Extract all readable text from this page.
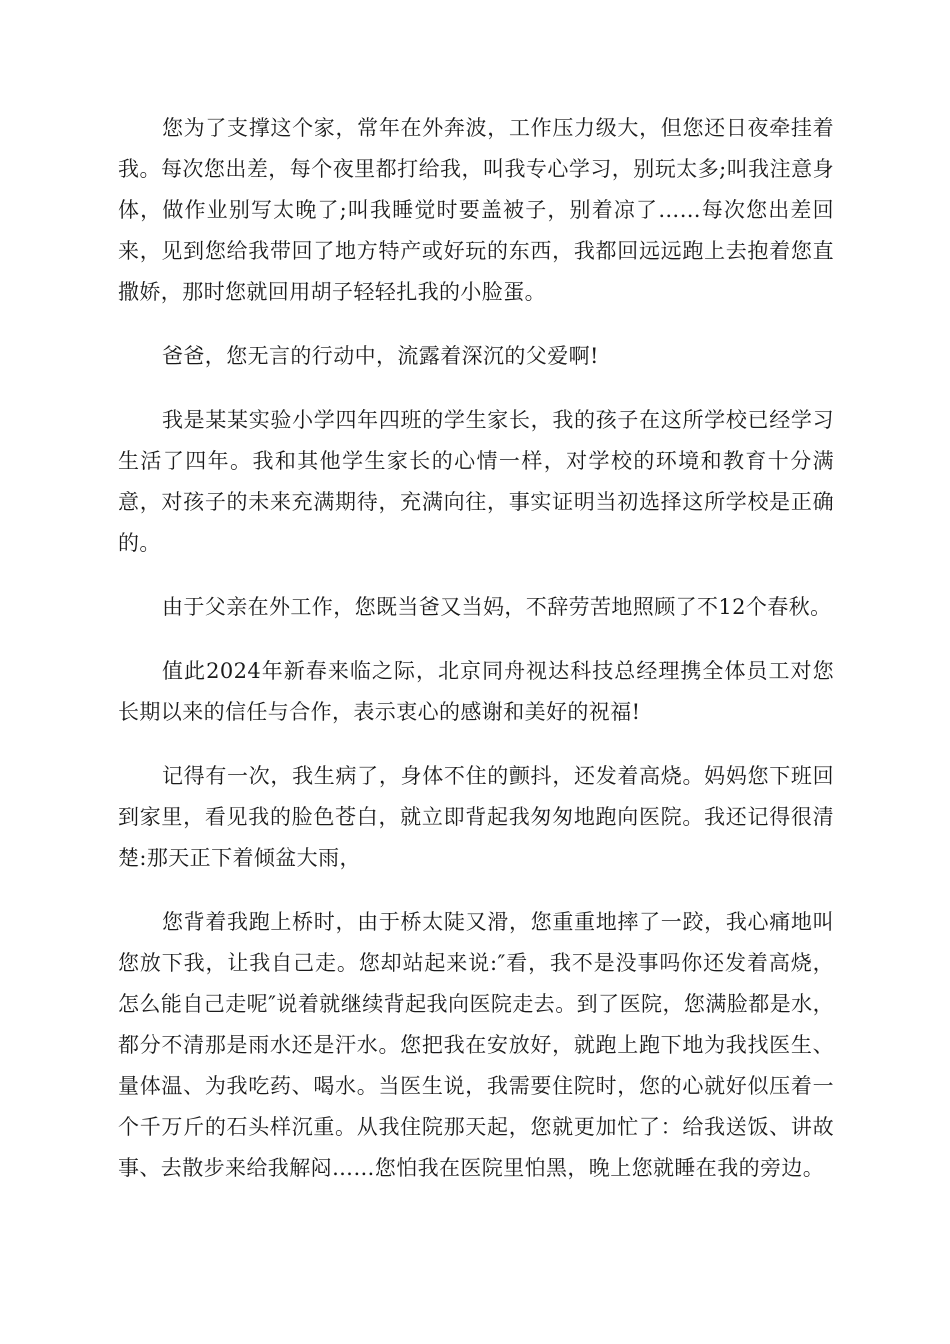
您为了支撑这个家，常年在外奔波，工作压力级大，但您还日夜牵挂着我。每次您出差，每个夜里都打给我，叫我专心学习，别玩太多;叫我注意身体，做作业别写太晚了;叫我睡觉时要盖被子，别着凉了……每次您出差回来，见到您给我带回了地方特产或好玩的东西，我都回远远跑上去抱着您直撒娇，那时您就回用胡子轻轻扎我的小脸蛋。

爸爸，您无言的行动中，流露着深沉的父爱啊!

我是某某实验小学四年四班的学生家长，我的孩子在这所学校已经学习生活了四年。我和其他学生家长的心情一样，对学校的环境和教育十分满意，对孩子的未来充满期待，充满向往，事实证明当初选择这所学校是正确的。

由于父亲在外工作，您既当爸又当妈，不辞劳苦地照顾了不12个春秋。

值此2024年新春来临之际，北京同舟视达科技总经理携全体员工对您长期以来的信任与合作，表示衷心的感谢和美好的祝福!

记得有一次，我生病了，身体不住的颤抖，还发着高烧。妈妈您下班回到家里，看见我的脸色苍白，就立即背起我匆匆地跑向医院。我还记得很清楚:那天正下着倾盆大雨，

您背着我跑上桥时，由于桥太陡又滑，您重重地摔了一跤，我心痛地叫您放下我，让我自己走。您却站起来说:″看，我不是没事吗你还发着高烧，怎么能自己走呢″说着就继续背起我向医院走去。到了医院，您满脸都是水，都分不清那是雨水还是汗水。您把我在安放好，就跑上跑下地为我找医生、量体温、为我吃药、喝水。当医生说，我需要住院时，您的心就好似压着一个千万斤的石头样沉重。从我住院那天起，您就更加忙了：给我送饭、讲故事、去散步来给我解闷……您怕我在医院里怕黑，晚上您就睡在我的旁边。
